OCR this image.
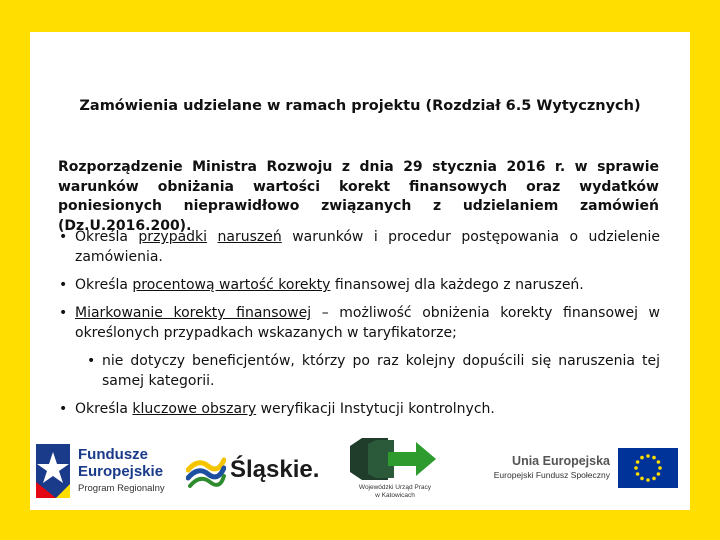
Zamówienia udzielane w ramach projektu (Rozdział 6.5 Wytycznych)
Rozporządzenie Ministra Rozwoju z dnia 29 stycznia 2016 r. w sprawie warunków obniżania wartości korekt finansowych oraz wydatków poniesionych nieprawidłowo związanych z udzielaniem zamówień (Dz.U.2016.200).
• Określa przypadki naruszeń warunków i procedur postępowania o udzielenie zamówienia.
• Określa procentową wartość korekty finansowej dla każdego z naruszeń.
• Miarkowanie korekty finansowej – możliwość obniżenia korekty finansowej w określonych przypadkach wskazanych w taryfikatorze;
• nie dotyczy beneficjentów, którzy po raz kolejny dopuścili się naruszenia tej samej kategorii.
• Określa kluczowe obszary weryfikacji Instytucji kontrolnych.
Fundusze
Europejskie
Program Regionalny
Śląskie.
Wojewódzki Urząd Pracy
w Katowicach
Unia Europejska
Europejski Fundusz Społeczny
